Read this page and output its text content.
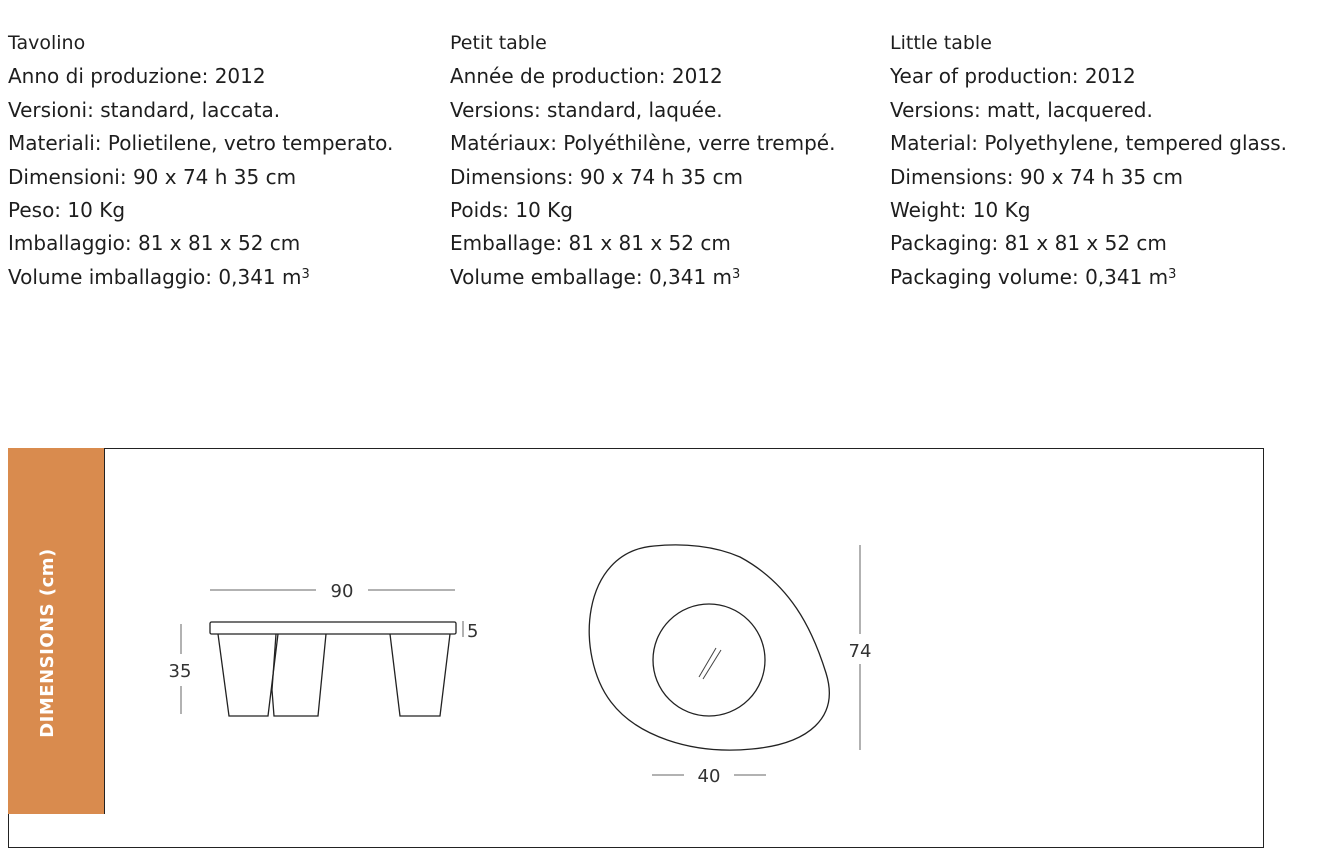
Tavolino
Anno di produzione: 2012
Versioni: standard, laccata.
Materiali: Polietilene, vetro temperato.
Dimensioni: 90 x 74 h 35 cm
Peso: 10 Kg
Imballaggio: 81 x 81 x 52 cm
Volume imballaggio: 0,341 $m^3$
Petit table
Année de production: 2012
Versions: standard, laquée.
Matériaux: Polyéthilène, verre trempé.
Dimensions: 90 x 74 h 35 cm
Poids: 10 Kg
Emballage: 81 x 81 x 52 cm
Volume emballage: 0,341 $m^3$
Little table
Year of production: 2012
Versions: matt, lacquered.
Material: Polyethylene, tempered glass.
Dimensions: 90 x 74 h 35 cm
Weight: 10 Kg
Packaging: 81 x 81 x 52 cm
Packaging volume: 0,341 $m^3$
DIMENSIONS (cm)	90
35
5
74
40
